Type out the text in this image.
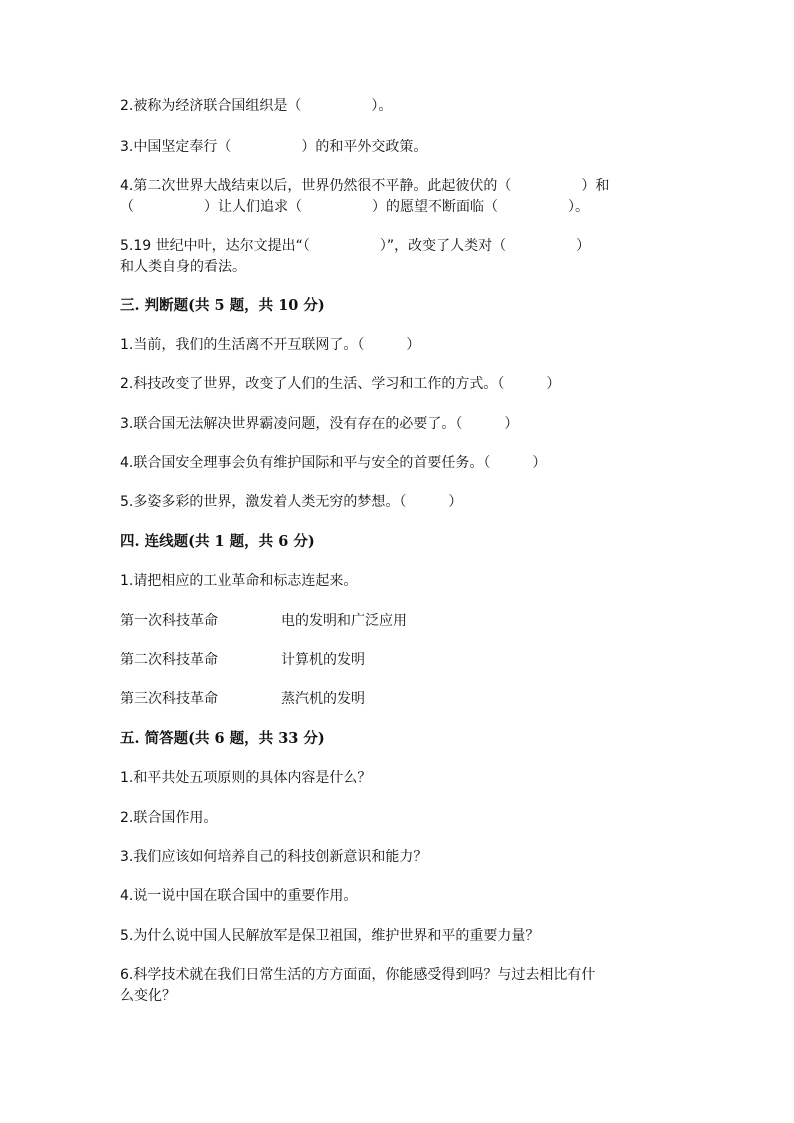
2.被称为经济联合国组织是（　　　　　）。
3.中国坚定奉行（　　　　　）的和平外交政策。
4.第二次世界大战结束以后，世界仍然很不平静。此起彼伏的（　　　　　）和
（　　　　　）让人们追求（　　　　　）的愿望不断面临（　　　　　）。
5.19 世纪中叶，达尔文提出“（　　　　　）”，改变了人类对（　　　　　）
和人类自身的看法。
三. 判断题(共 5 题，共 10 分)
1.当前，我们的生活离不开互联网了。（　　　）
2.科技改变了世界，改变了人们的生活、学习和工作的方式。（　　　）
3.联合国无法解决世界霸凌问题，没有存在的必要了。（　　　）
4.联合国安全理事会负有维护国际和平与安全的首要任务。（　　　）
5.多姿多彩的世界，激发着人类无穷的梦想。（　　　）
四. 连线题(共 1 题，共 6 分)
1.请把相应的工业革命和标志连起来。
第一次科技革命	电的发明和广泛应用
第二次科技革命	计算机的发明
第三次科技革命	蒸汽机的发明
五. 简答题(共 6 题，共 33 分)
1.和平共处五项原则的具体内容是什么？
2.联合国作用。
3.我们应该如何培养自己的科技创新意识和能力？
4.说一说中国在联合国中的重要作用。
5.为什么说中国人民解放军是保卫祖国，维护世界和平的重要力量？
6.科学技术就在我们日常生活的方方面面，你能感受得到吗？与过去相比有什
么变化？
